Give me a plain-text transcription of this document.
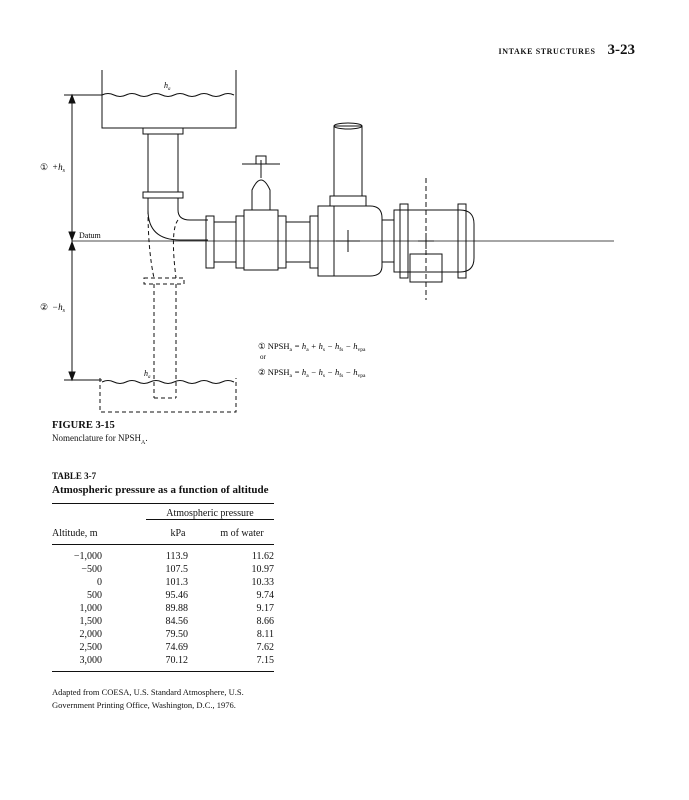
INTAKE STRUCTURES 3-23
① $+h_s$
② $-h_s$
Datum
$h_a$
$h_a$
① $NPSH_a = h_a + h_s - h_{fs} - h_{vpa}$
or
② $NPSH_a = h_a - h_s - h_{fs} - h_{vpa}$
FIGURE 3-15
Nomenclature for $NPSH_A$.
TABLE 3-7
Atmospheric pressure as a function of altitude
Atmospheric pressure
Altitude, m	kPa	m of water
−1,000	113.9	11.62
−500	107.5	10.97
0	101.3	10.33
500	95.46	9.74
1,000	89.88	9.17
1,500	84.56	8.66
2,000	79.50	8.11
2,500	74.69	7.62
3,000	70.12	7.15
Adapted from COESA, U.S. Standard Atmosphere, U.S.
Government Printing Office, Washington, D.C., 1976.
